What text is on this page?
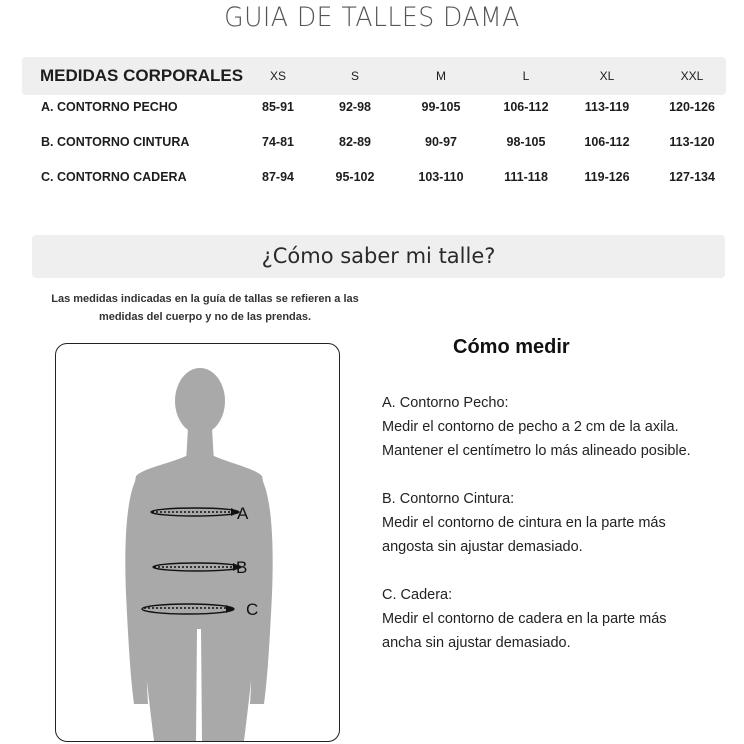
GUIA DE TALLES DAMA
MEDIDAS CORPORALES	XS	S	M	L	XL	XXL
A. CONTORNO PECHO	85-91	92-98	99-105	106-112	113-119	120-126
B. CONTORNO CINTURA	74-81	82-89	90-97	98-105	106-112	113-120
C. CONTORNO CADERA	87-94	95-102	103-110	111-118	119-126	127-134
¿Cómo saber mi talle?
Las medidas indicadas en la guía de tallas se refieren a las
medidas del cuerpo y no de las prendas.
A
B
C
Cómo medir
A. Contorno Pecho:
Medir el contorno de pecho a 2 cm de la axila.
Mantener el centímetro lo más alineado posible.
B. Contorno Cintura:
Medir el contorno de cintura en la parte más
angosta sin ajustar demasiado.
C. Cadera:
Medir el contorno de cadera en la parte más
ancha sin ajustar demasiado.
